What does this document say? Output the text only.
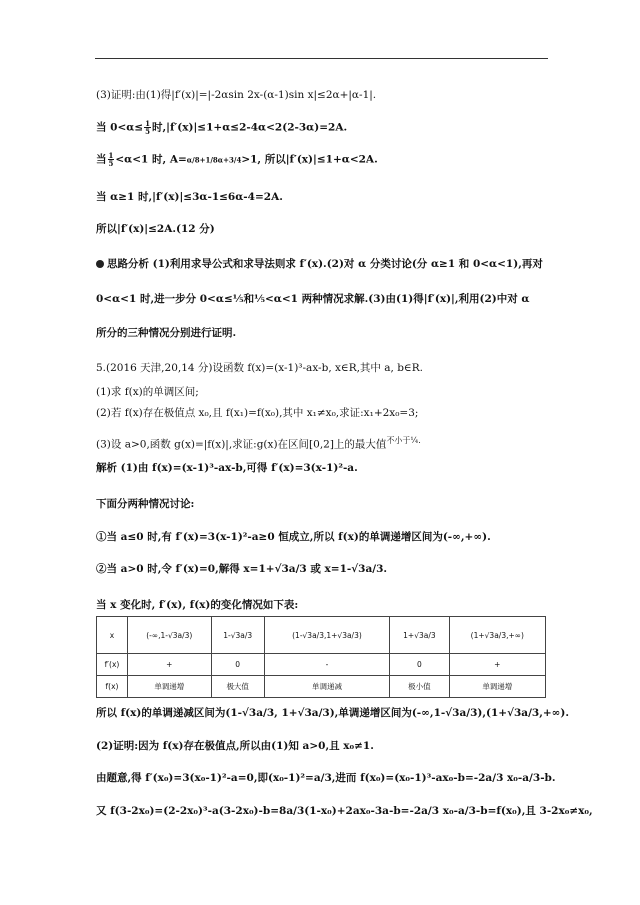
(3)证明:由(1)得|f′(x)|=|-2αsin 2x-(α-1)sin x|≤2α+|α-1|.
当 $0<\alpha\le \frac{1}{5}$ 时,|f′(x)|≤1+α≤2-4α<2(2-3α)=2A.
当 $\frac{1}{5} <\alpha<1$ 时, A=α/8+1/8α+3/4>1, 所以|f′(x)|≤1+α<2A.
当 α≥1 时,|f′(x)|≤3α-1≤6α-4=2A.
所以|f′(x)|≤2A.(12 分)
思路分析 (1)利用求导公式和求导法则求 f′(x).(2)对 α 分类讨论(分 α≥1 和 0<α<1),再对
0<α<1 时,进一步分 0<α≤⅕和⅕<α<1 两种情况求解.(3)由(1)得|f′(x)|,利用(2)中对 α
所分的三种情况分别进行证明.
5.(2016 天津,20,14 分)设函数 f(x)=(x-1)³-ax-b, x∈R,其中 a, b∈R.
(1)求 f(x)的单调区间;
(2)若 f(x)存在极值点 x₀,且 f(x₁)=f(x₀),其中 x₁≠x₀,求证:x₁+2x₀=3;
(3)设 a>0,函数 g(x)=|f(x)|,求证:g(x)在区间[0,2]上的最大值$^{不小于\frac{1}{4}.}$
解析 (1)由 f(x)=(x-1)³-ax-b,可得 f′(x)=3(x-1)²-a.
下面分两种情况讨论:
①当 a≤0 时,有 f′(x)=3(x-1)²-a≥0 恒成立,所以 f(x)的单调递增区间为(-∞,+∞).
②当 a>0 时,令 f′(x)=0,解得 x=1+√3a/3 或 x=1-√3a/3.
当 x 变化时, f′(x), f(x)的变化情况如下表:
x	(-∞,1-√3a/3)	1-√3a/3	(1-√3a/3,1+√3a/3)	1+√3a/3	(1+√3a/3,+∞)
f′(x)	+	0	-	0	+
f(x)	单调递增	极大值	单调递减	极小值	单调递增
所以 f(x)的单调递减区间为(1-√3a/3, 1+√3a/3),单调递增区间为(-∞,1-√3a/3),(1+√3a/3,+∞).
(2)证明:因为 f(x)存在极值点,所以由(1)知 a>0,且 x₀≠1.
由题意,得 f′(x₀)=3(x₀-1)²-a=0,即(x₀-1)²=a/3,进而 f(x₀)=(x₀-1)³-ax₀-b=-2a/3 x₀-a/3-b.
又 f(3-2x₀)=(2-2x₀)³-a(3-2x₀)-b=8a/3(1-x₀)+2ax₀-3a-b=-2a/3 x₀-a/3-b=f(x₀),且 3-2x₀≠x₀,
